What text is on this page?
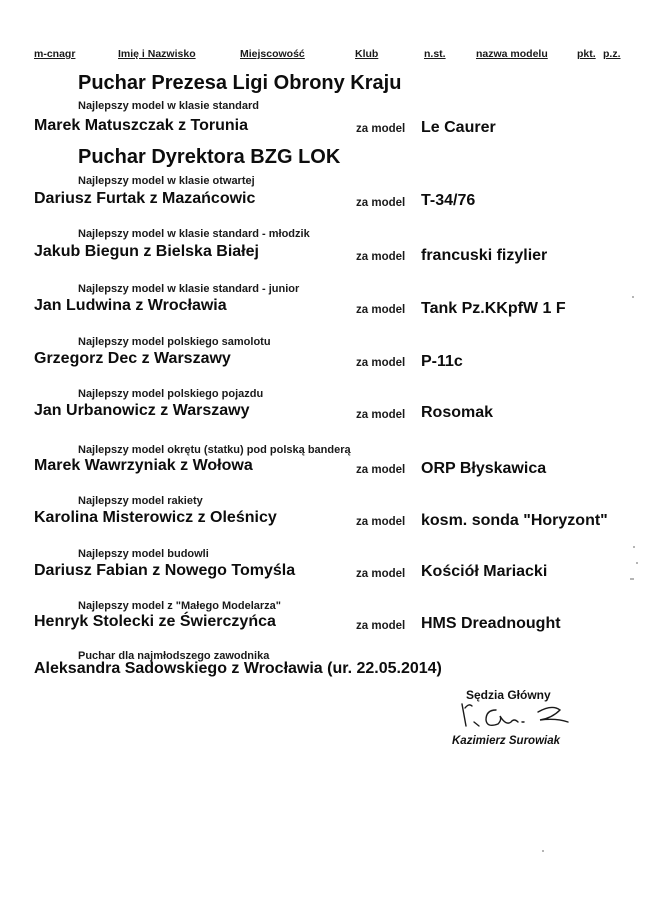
m-cnagr	Imię i Nazwisko	Miejscowość	Klub	n.st.	nazwa modelu	pkt. p.z.
Puchar Prezesa Ligi Obrony Kraju
Najlepszy model w klasie standard
Marek Matuszczak z Torunia	za model Le Caurer
Puchar Dyrektora BZG LOK
Najlepszy model w klasie otwartej
Dariusz Furtak z Mazańcowic	za model T-34/76
Najlepszy model w klasie standard - młodzik
Jakub Biegun z Bielska Białej	za model francuski fizylier
Najlepszy model w klasie standard - junior
Jan Ludwina z Wrocławia	za model Tank Pz.KKpfW 1 F
Najlepszy model polskiego samolotu
Grzegorz Dec z Warszawy	za model P-11c
Najlepszy model polskiego pojazdu
Jan Urbanowicz z Warszawy	za model Rosomak
Najlepszy model okrętu (statku) pod polską banderą
Marek Wawrzyniak z Wołowa	za model ORP Błyskawica
Najlepszy model rakiety
Karolina Misterowicz z Oleśnicy	za model kosm. sonda "Horyzont"
Najlepszy model budowli
Dariusz Fabian z Nowego Tomyśla	za model Kościół Mariacki
Najlepszy model z "Małego Modelarza"
Henryk Stolecki ze Świerczyńca	za model HMS Dreadnought
Puchar dla najmłodszego zawodnika
Aleksandra Sadowskiego z Wrocławia (ur. 22.05.2014)
Sędzia Główny
Kazimierz Surowiak
